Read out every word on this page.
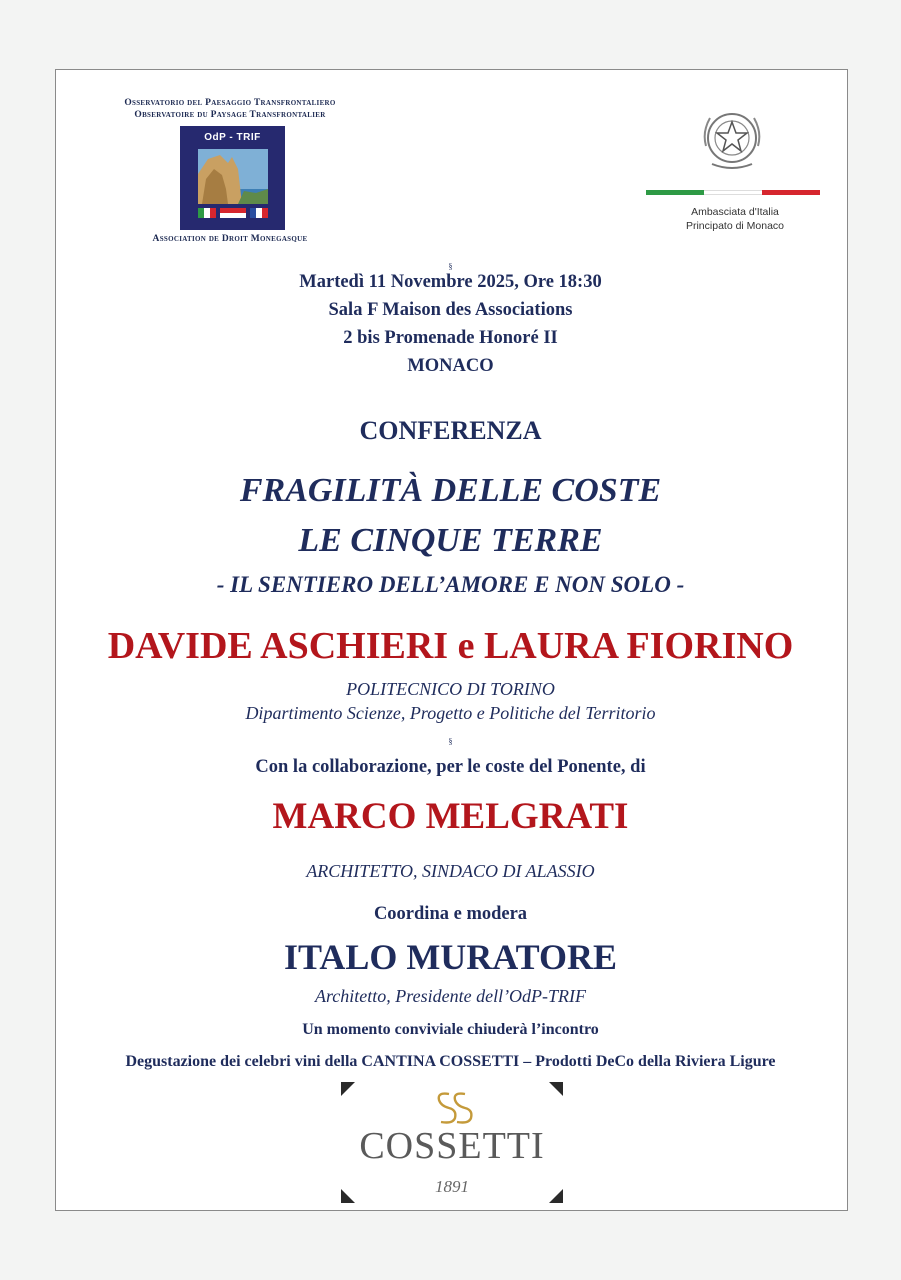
Osservatorio del Paesaggio Transfrontaliero
Observatoire du Paysage Transfrontalier
OdP - TRIF
Association de Droit Monegasque
Ambasciata d'Italia
Principato di Monaco
§
Martedì 11 Novembre 2025, Ore 18:30
Sala F Maison des Associations
2 bis Promenade Honoré II
MONACO
CONFERENZA
FRAGILITÀ DELLE COSTE
LE CINQUE TERRE
- IL SENTIERO DELL’AMORE E NON SOLO -
DAVIDE ASCHIERI e LAURA FIORINO
POLITECNICO DI TORINO
Dipartimento Scienze, Progetto e Politiche del Territorio
§
Con la collaborazione, per le coste del Ponente, di
MARCO MELGRATI
ARCHITETTO, SINDACO DI ALASSIO
Coordina e modera
ITALO MURATORE
Architetto, Presidente dell’OdP-TRIF
Un momento conviviale chiuderà l’incontro
Degustazione dei celebri vini della CANTINA COSSETTI – Prodotti DeCo della Riviera Ligure
COSSETTI
1891
